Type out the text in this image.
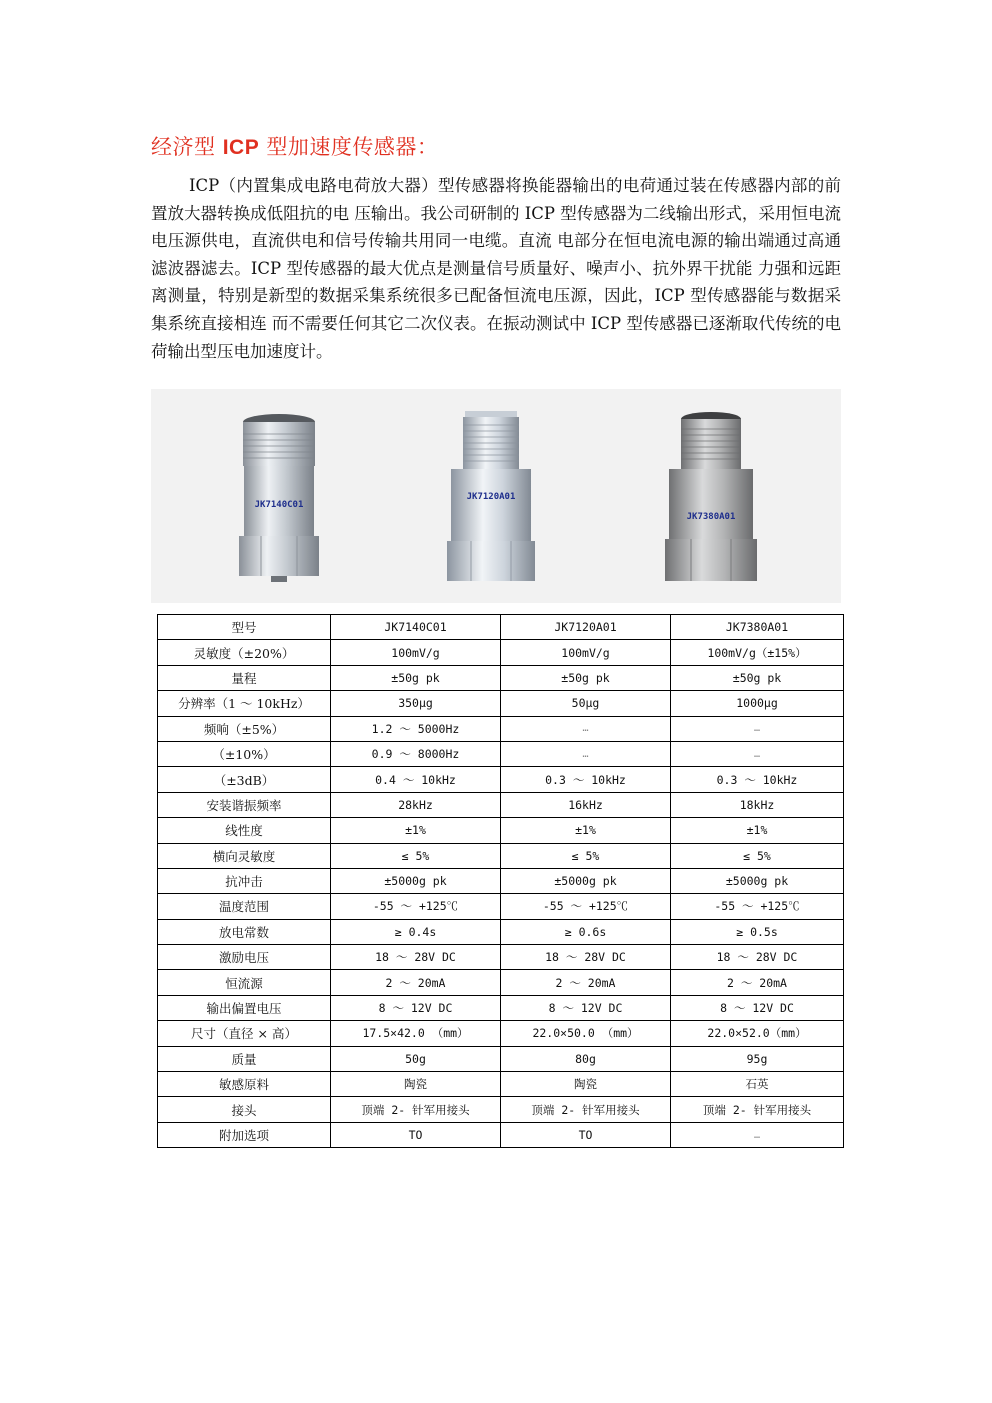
经济型 ICP 型加速度传感器：
ICP（内置集成电路电荷放大器）型传感器将换能器输出的电荷通过装在传感器内部的前置放大器转换成低阻抗的电 压输出。我公司研制的 ICP 型传感器为二线输出形式，采用恒电流电压源供电，直流供电和信号传输共用同一电缆。直流 电部分在恒电流电源的输出端通过高通滤波器滤去。ICP 型传感器的最大优点是测量信号质量好、噪声小、抗外界干扰能 力强和远距离测量，特别是新型的数据采集系统很多已配备恒流电压源，因此，ICP 型传感器能与数据采集系统直接相连 而不需要任何其它二次仪表。在振动测试中 ICP 型传感器已逐渐取代传统的电荷输出型压电加速度计。
JK7140C01
JK7120A01
JK7380A01
型号	JK7140C01	JK7120A01	JK7380A01
灵敏度（±20%）	100mV/g	100mV/g	100mV/g（±15%）
量程	±50g pk	±50g pk	±50g pk
分辨率（1 ～ 10kHz）	350μg	50μg	1000μg
频响（±5%）	1.2 ～ 5000Hz	…	…
（±10%）	0.9 ～ 8000Hz	…	…
（±3dB）	0.4 ～ 10kHz	0.3 ～ 10kHz	0.3 ～ 10kHz
安装谐振频率	28kHz	16kHz	18kHz
线性度	±1%	±1%	±1%
横向灵敏度	≤ 5%	≤ 5%	≤ 5%
抗冲击	±5000g pk	±5000g pk	±5000g pk
温度范围	-55 ～ +125℃	-55 ～ +125℃	-55 ～ +125℃
放电常数	≥ 0.4s	≥ 0.6s	≥ 0.5s
激励电压	18 ～ 28V DC	18 ～ 28V DC	18 ～ 28V DC
恒流源	2 ～ 20mA	2 ～ 20mA	2 ～ 20mA
输出偏置电压	8 ～ 12V DC	8 ～ 12V DC	8 ～ 12V DC
尺寸（直径 × 高）	17.5×42.0 （mm）	22.0×50.0 （mm）	22.0×52.0（mm）
质量	50g	80g	95g
敏感原料	陶瓷	陶瓷	石英
接头	顶端 2- 针军用接头	顶端 2- 针军用接头	顶端 2- 针军用接头
附加选项	TO	TO	…
